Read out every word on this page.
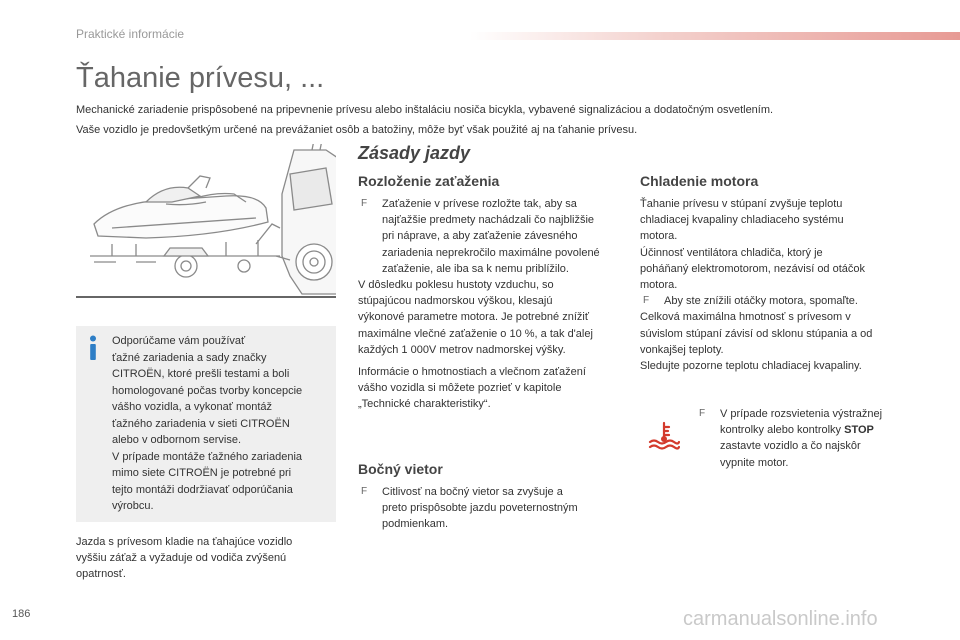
Praktické informácie
Ťahanie prívesu, ...
Mechanické zariadenie prispôsobené na pripevnenie prívesu alebo inštaláciu nosiča bicykla, vybavené signalizáciou a dodatočným osvetlením.
Vaše vozidlo je predovšetkým určené na prevážaniet osôb a batožiny, môže byť však použité aj na ťahanie prívesu.
Odporúčame vám používať
ťažné zariadenia a sady značky
CITROËN, ktoré prešli testami a boli
homologované počas tvorby koncepcie
vášho vozidla, a vykonať montáž
ťažného zariadenia v sieti CITROËN
alebo v odbornom servise.
V prípade montáže ťažného zariadenia
mimo siete CITROËN je potrebné pri
tejto montáži dodržiavať odporúčania
výrobcu.
Jazda s prívesom kladie na ťahajúce vozidlo
vyššiu záťaž a vyžaduje od vodiča zvýšenú
opatrnosť.
Zásady jazdy
Rozloženie zaťaženia
F Zaťaženie v prívese rozložte tak, aby sa
najťažšie predmety nachádzali čo najbližšie
pri náprave, a aby zaťaženie závesného
zariadenia neprekročilo maximálne povolené
zaťaženie, ale iba sa k nemu priblížilo.
V dôsledku poklesu hustoty vzduchu, so
stúpajúcou nadmorskou výškou, klesajú
výkonové parametre motora. Je potrebné znížiť
maximálne vlečné zaťaženie o 10 %, a tak d'alej
každých 1 000V metrov nadmorskej výšky.
Informácie o hmotnostiach a vlečnom zaťažení
vášho vozidla si môžete pozrieť v kapitole
„Technické charakteristiky“.
Bočný vietor
F Citlivosť na bočný vietor sa zvyšuje a
preto prispôsobte jazdu poveternostným
podmienkam.
Chladenie motora
Ťahanie prívesu v stúpaní zvyšuje teplotu
chladiacej kvapaliny chladiaceho systému
motora.
Účinnosť ventilátora chladiča, ktorý je
poháňaný elektromotorom, nezávisí od otáčok
motora.
F Aby ste znížili otáčky motora, spomaľte.
Celková maximálna hmotnosť s prívesom v
súvislom stúpaní závisí od sklonu stúpania a od
vonkajšej teploty.
Sledujte pozorne teplotu chladiacej kvapaliny.
F V prípade rozsvietenia výstražnej
kontrolky alebo kontrolky STOP
zastavte vozidlo a čo najskôr
vypnite motor.
186	carmanualsonline.info
